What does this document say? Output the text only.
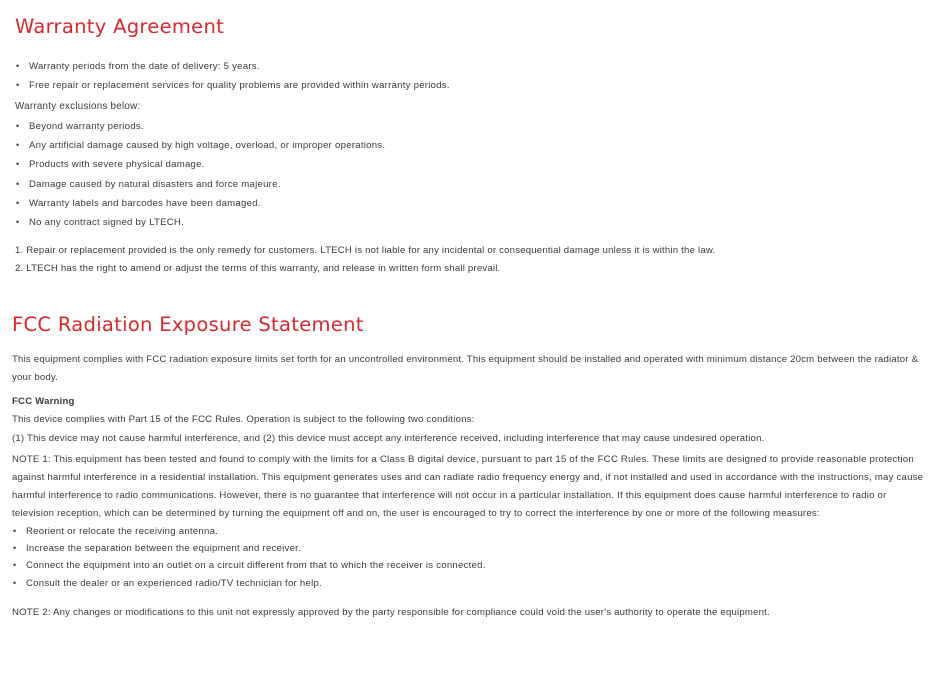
Warranty Agreement
• Warranty periods from the date of delivery: 5 years.
• Free repair or replacement services for quality problems are provided within warranty periods.
Warranty exclusions below:
• Beyond warranty periods.
• Any artificial damage caused by high voltage, overload, or improper operations.
• Products with severe physical damage.
• Damage caused by natural disasters and force majeure.
• Warranty labels and barcodes have been damaged.
• No any contract signed by LTECH.
1. Repair or replacement provided is the only remedy for customers. LTECH is not liable for any incidental or consequential damage unless it is within the law.
2. LTECH has the right to amend or adjust the terms of this warranty, and release in written form shall prevail.
FCC Radiation Exposure Statement

This equipment complies with FCC radiation exposure limits set forth for an uncontrolled environment. This equipment should be installed and operated with minimum distance 20cm between the radiator & your body.

FCC Warning
This device complies with Part 15 of the FCC Rules. Operation is subject to the following two conditions:
(1) This device may not cause harmful interference, and (2) this device must accept any interference received, including interference that may cause undesired operation.

NOTE 1: This equipment has been tested and found to comply with the limits for a Class B digital device, pursuant to part 15 of the FCC Rules. These limits are designed to provide reasonable protection against harmful interference in a residential installation. This equipment generates uses and can radiate radio frequency energy and, if not installed and used in accordance with the instructions, may cause harmful interference to radio communications. However, there is no guarantee that interference will not occur in a particular installation. If this equipment does cause harmful interference to radio or television reception, which can be determined by turning the equipment off and on, the user is encouraged to try to correct the interference by one or more of the following measures:

• Reorient or relocate the receiving antenna.
• Increase the separation between the equipment and receiver.
• Connect the equipment into an outlet on a circuit different from that to which the receiver is connected.
• Consult the dealer or an experienced radio/TV technician for help.
NOTE 2: Any changes or modifications to this unit not expressly approved by the party responsible for compliance could void the user's authority to operate the equipment.
